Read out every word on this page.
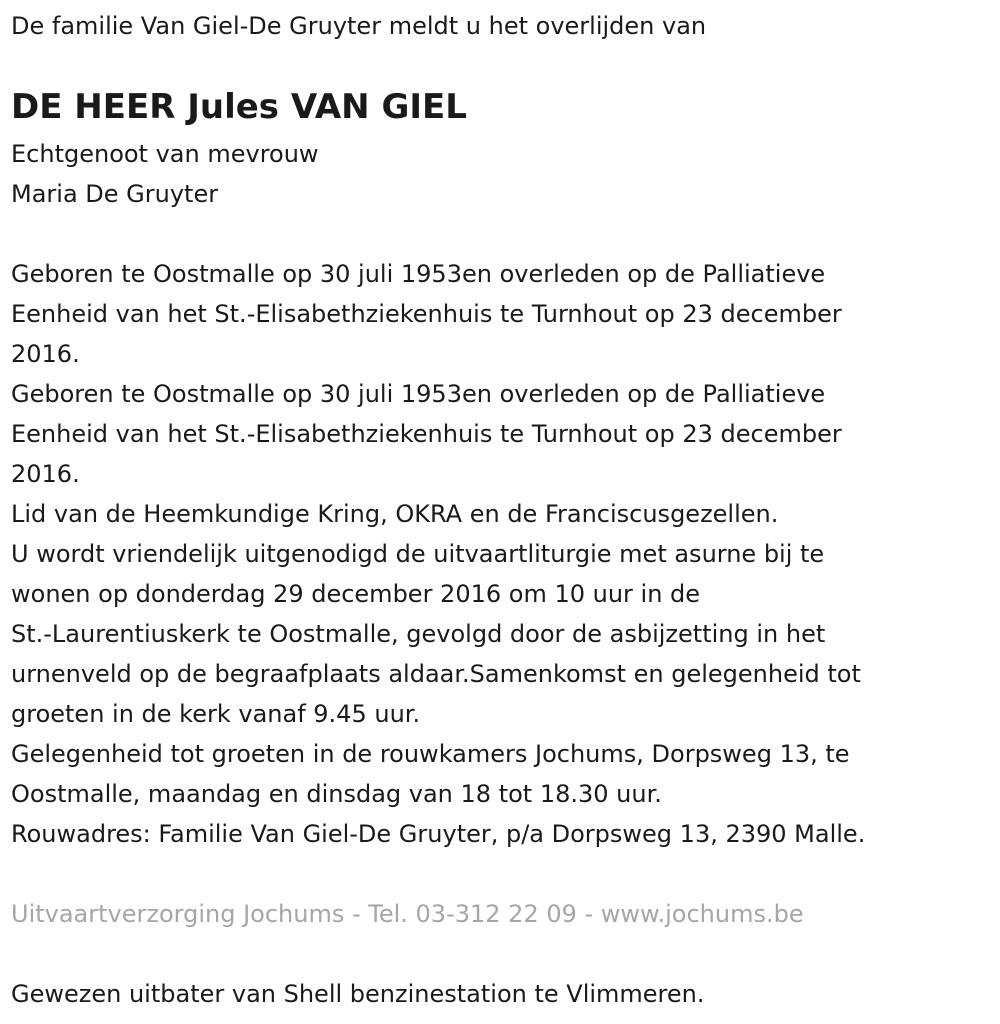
De familie Van Giel-De Gruyter meldt u het overlijden van
DE HEER Jules VAN GIEL
Echtgenoot van mevrouw
Maria De Gruyter
Geboren te Oostmalle op 30 juli 1953en overleden op de Palliatieve
Eenheid van het St.-Elisabethziekenhuis te Turnhout op 23 december
2016.
Geboren te Oostmalle op 30 juli 1953en overleden op de Palliatieve
Eenheid van het St.-Elisabethziekenhuis te Turnhout op 23 december
2016.
Lid van de Heemkundige Kring, OKRA en de Franciscusgezellen.
U wordt vriendelijk uitgenodigd de uitvaartliturgie met asurne bij te
wonen op donderdag 29 december 2016 om 10 uur in de
St.-Laurentiuskerk te Oostmalle, gevolgd door de asbijzetting in het
urnenveld op de begraafplaats aldaar.Samenkomst en gelegenheid tot
groeten in de kerk vanaf 9.45 uur.
Gelegenheid tot groeten in de rouwkamers Jochums, Dorpsweg 13, te
Oostmalle, maandag en dinsdag van 18 tot 18.30 uur.
Rouwadres: Familie Van Giel-De Gruyter, p/a Dorpsweg 13, 2390 Malle.
Uitvaartverzorging Jochums - Tel. 03-312 22 09 - www.jochums.be
Gewezen uitbater van Shell benzinestation te Vlimmeren.
